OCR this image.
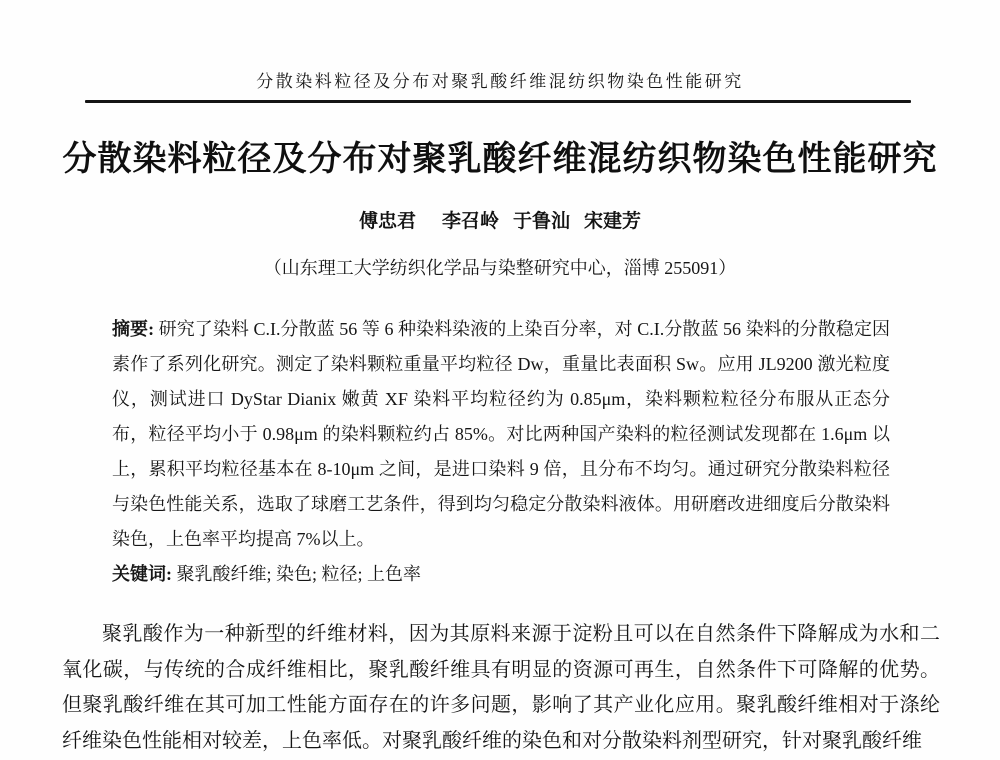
分散染料粒径及分布对聚乳酸纤维混纺织物染色性能研究
分散染料粒径及分布对聚乳酸纤维混纺织物染色性能研究
傅忠君 李召岭 于鲁汕 宋建芳
（山东理工大学纺织化学品与染整研究中心，淄博 255091）
摘要: 研究了染料 C.I.分散蓝 56 等 6 种染料染液的上染百分率，对 C.I.分散蓝 56 染料的分散稳定因素作了系列化研究。测定了染料颗粒重量平均粒径 Dw，重量比表面积 Sw。应用 JL9200 激光粒度仪，测试进口 DyStar Dianix 嫩黄 XF 染料平均粒径约为 0.85μm，染料颗粒粒径分布服从正态分布，粒径平均小于 0.98μm 的染料颗粒约占 85%。对比两种国产染料的粒径测试发现都在 1.6μm 以上，累积平均粒径基本在 8-10μm 之间，是进口染料 9 倍，且分布不均匀。通过研究分散染料粒径与染色性能关系，选取了球磨工艺条件，得到均匀稳定分散染料液体。用研磨改进细度后分散染料染色，上色率平均提高 7%以上。
关键词: 聚乳酸纤维; 染色; 粒径; 上色率

聚乳酸作为一种新型的纤维材料，因为其原料来源于淀粉且可以在自然条件下降解成为水和二氧化碳，与传统的合成纤维相比，聚乳酸纤维具有明显的资源可再生，自然条件下可降解的优势。但聚乳酸纤维在其可加工性能方面存在的许多问题，影响了其产业化应用。聚乳酸纤维相对于涤纶纤维染色性能相对较差，上色率低。对聚乳酸纤维的染色和对分散染料剂型研究，针对聚乳酸纤维
